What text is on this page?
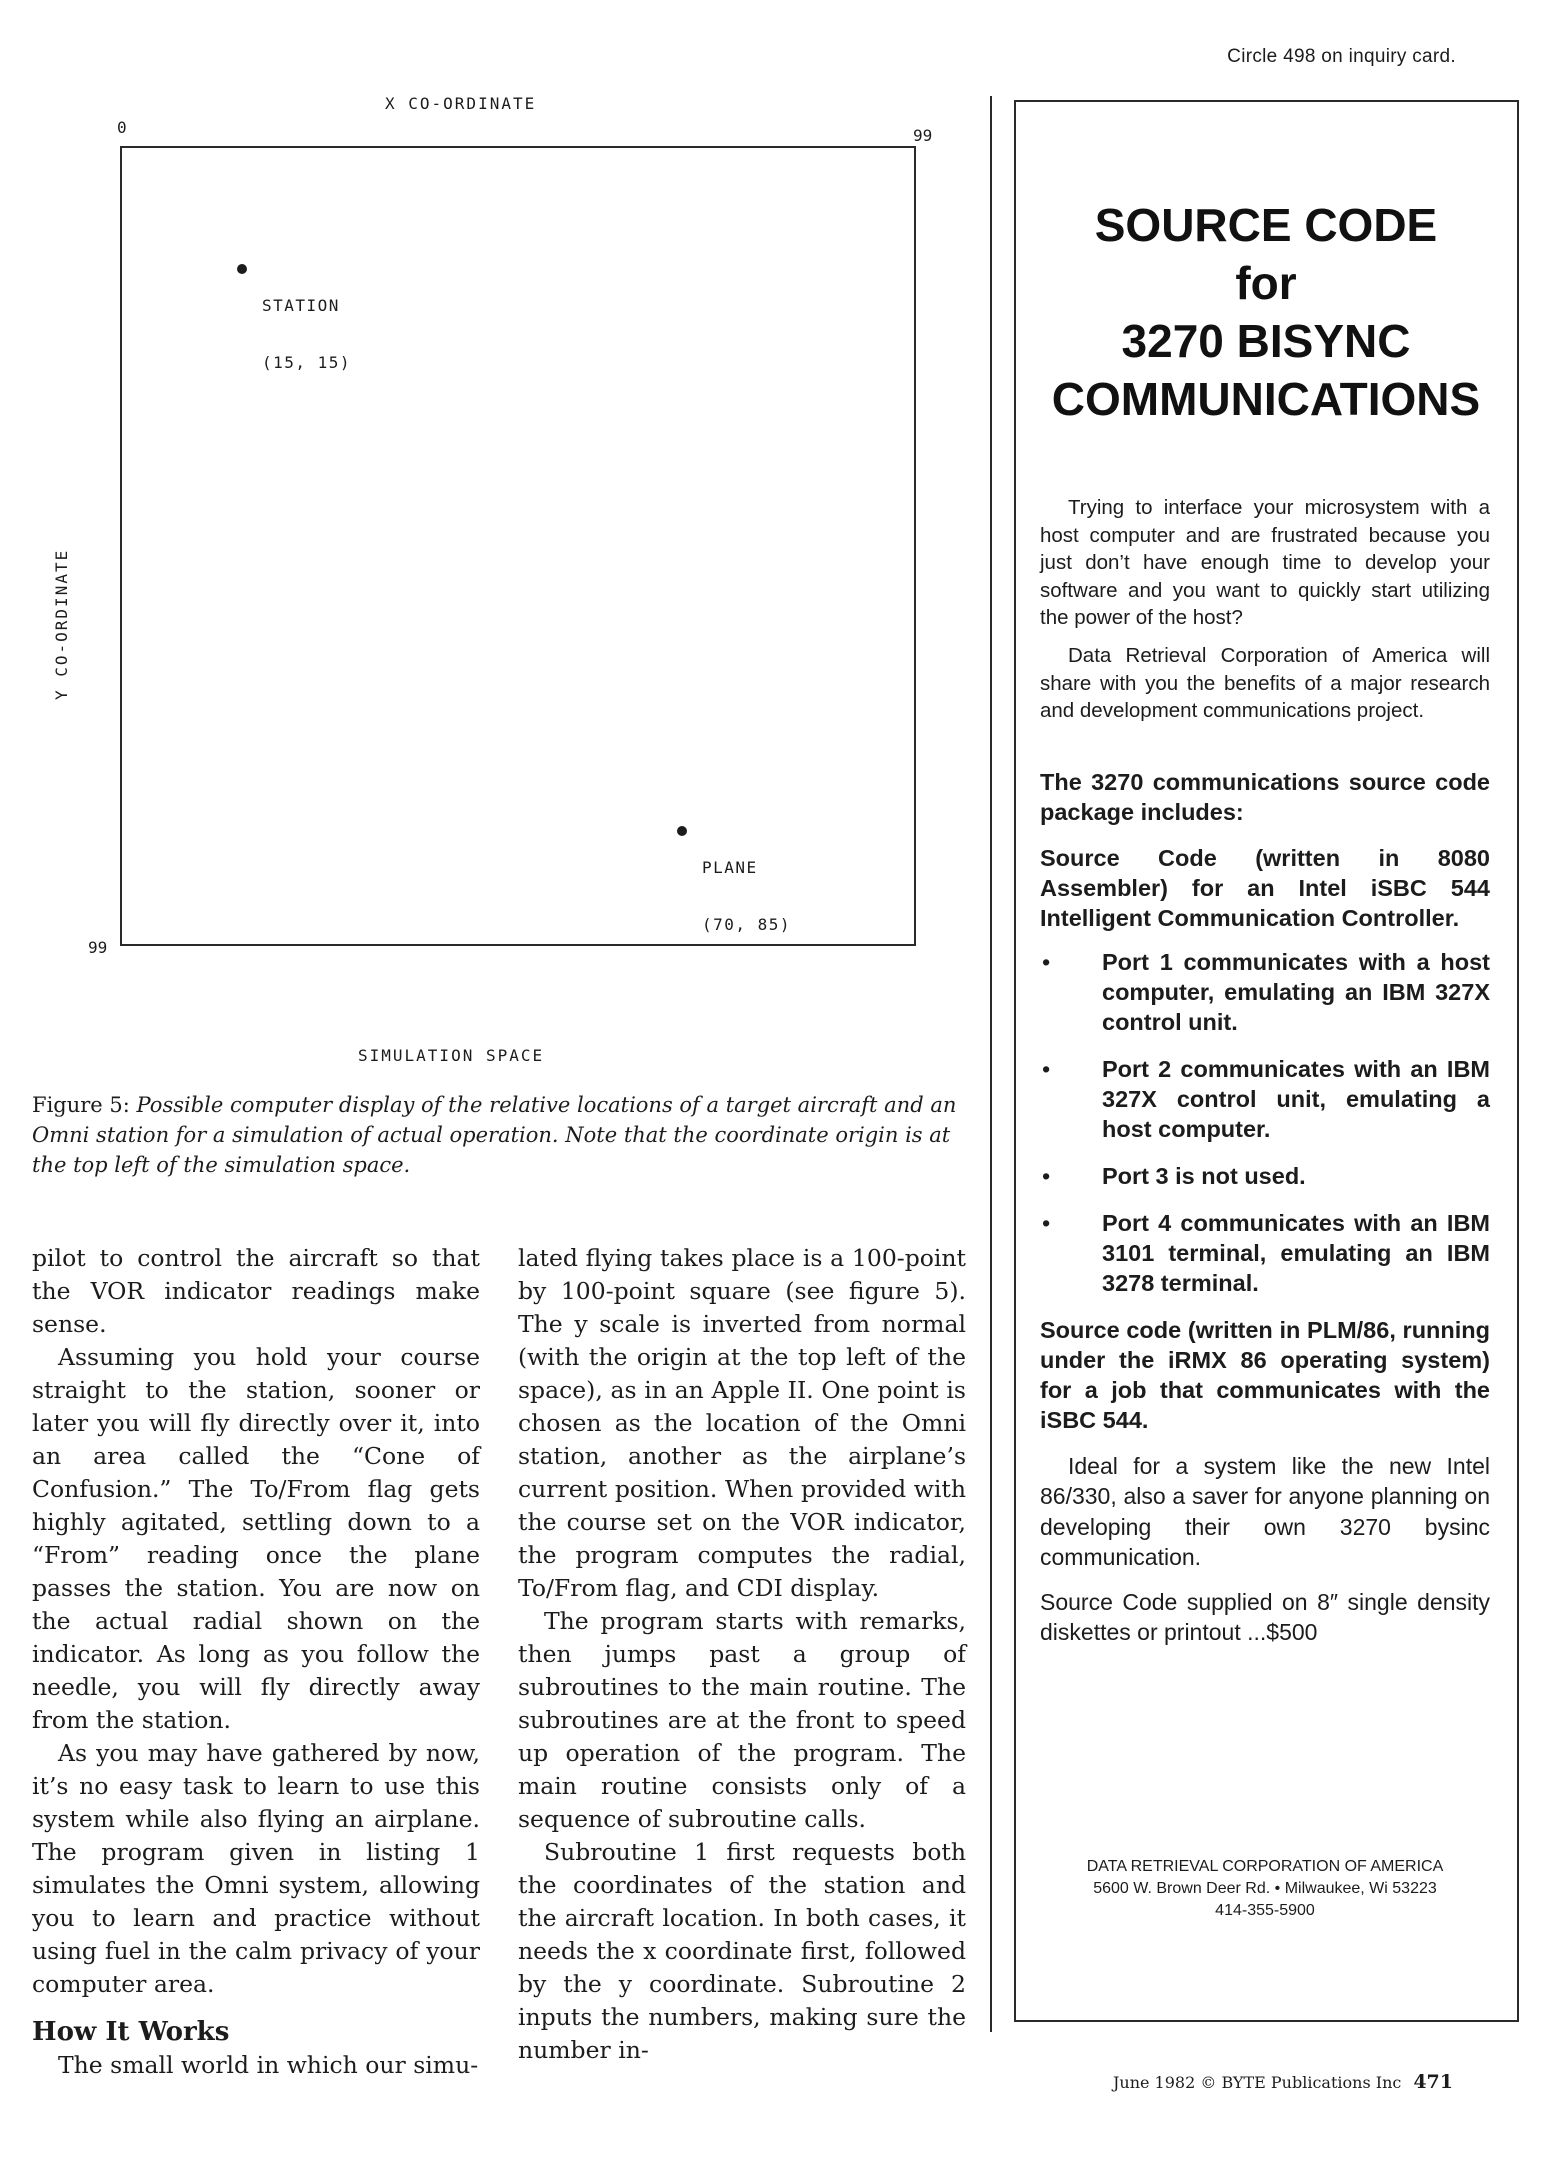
Circle 498 on inquiry card.
X CO-ORDINATE
0	99
Y CO-ORDINATE
99

STATION

(15, 15)

PLANE

(70, 85)

SIMULATION SPACE
Figure 5: Possible computer display of the relative locations of a target aircraft and an Omni station for a simulation of actual operation. Note that the coordinate origin is at the top left of the simulation space.

pilot to control the aircraft so that the VOR indicator readings make sense.

Assuming you hold your course straight to the station, sooner or later you will fly directly over it, into an area called the “Cone of Confusion.” The To/From flag gets highly agitated, settling down to a “From” reading once the plane passes the station. You are now on the actual radial shown on the indicator. As long as you follow the needle, you will fly directly away from the station.

As you may have gathered by now, it’s no easy task to learn to use this system while also flying an airplane. The program given in listing 1 simulates the Omni system, allowing you to learn and practice without using fuel in the calm privacy of your computer area.

How It Works

The small world in which our simu-

lated flying takes place is a 100-point by 100-point square (see figure 5). The y scale is inverted from normal (with the origin at the top left of the space), as in an Apple II. One point is chosen as the location of the Omni station, another as the airplane’s current position. When provided with the course set on the VOR indicator, the program computes the radial, To/From flag, and CDI display.

The program starts with remarks, then jumps past a group of subroutines to the main routine. The subroutines are at the front to speed up operation of the program. The main routine consists only of a sequence of subroutine calls.

Subroutine 1 first requests both the coordinates of the station and the aircraft location. In both cases, it needs the x coordinate first, followed by the y coordinate. Subroutine 2 inputs the numbers, making sure the number in-

SOURCE CODE
for
3270 BISYNC
COMMUNICATIONS

Trying to interface your microsystem with a host computer and are frustrated because you just don’t have enough time to develop your software and you want to quickly start utilizing the power of the host?

Data Retrieval Corporation of America will share with you the benefits of a major research and development communications project.

The 3270 communications source code package includes:

Source Code (written in 8080 Assembler) for an Intel iSBC 544 Intelligent Communication Controller.

• Port 1 communicates with a host computer, emulating an IBM 327X control unit.
• Port 2 communicates with an IBM 327X control unit, emulating a host computer.
• Port 3 is not used.
• Port 4 communicates with an IBM 3101 terminal, emulating an IBM 3278 terminal.

Source code (written in PLM/86, running under the iRMX 86 operating system) for a job that communicates with the iSBC 544.

Ideal for a system like the new Intel 86/330, also a saver for anyone planning on developing their own 3270 bysinc communication.

Source Code supplied on 8″ single density diskettes or printout ...$500

DATA RETRIEVAL CORPORATION OF AMERICA
5600 W. Brown Deer Rd. • Milwaukee, Wi 53223
414-355-5900
June 1982 © BYTE Publications Inc 471
